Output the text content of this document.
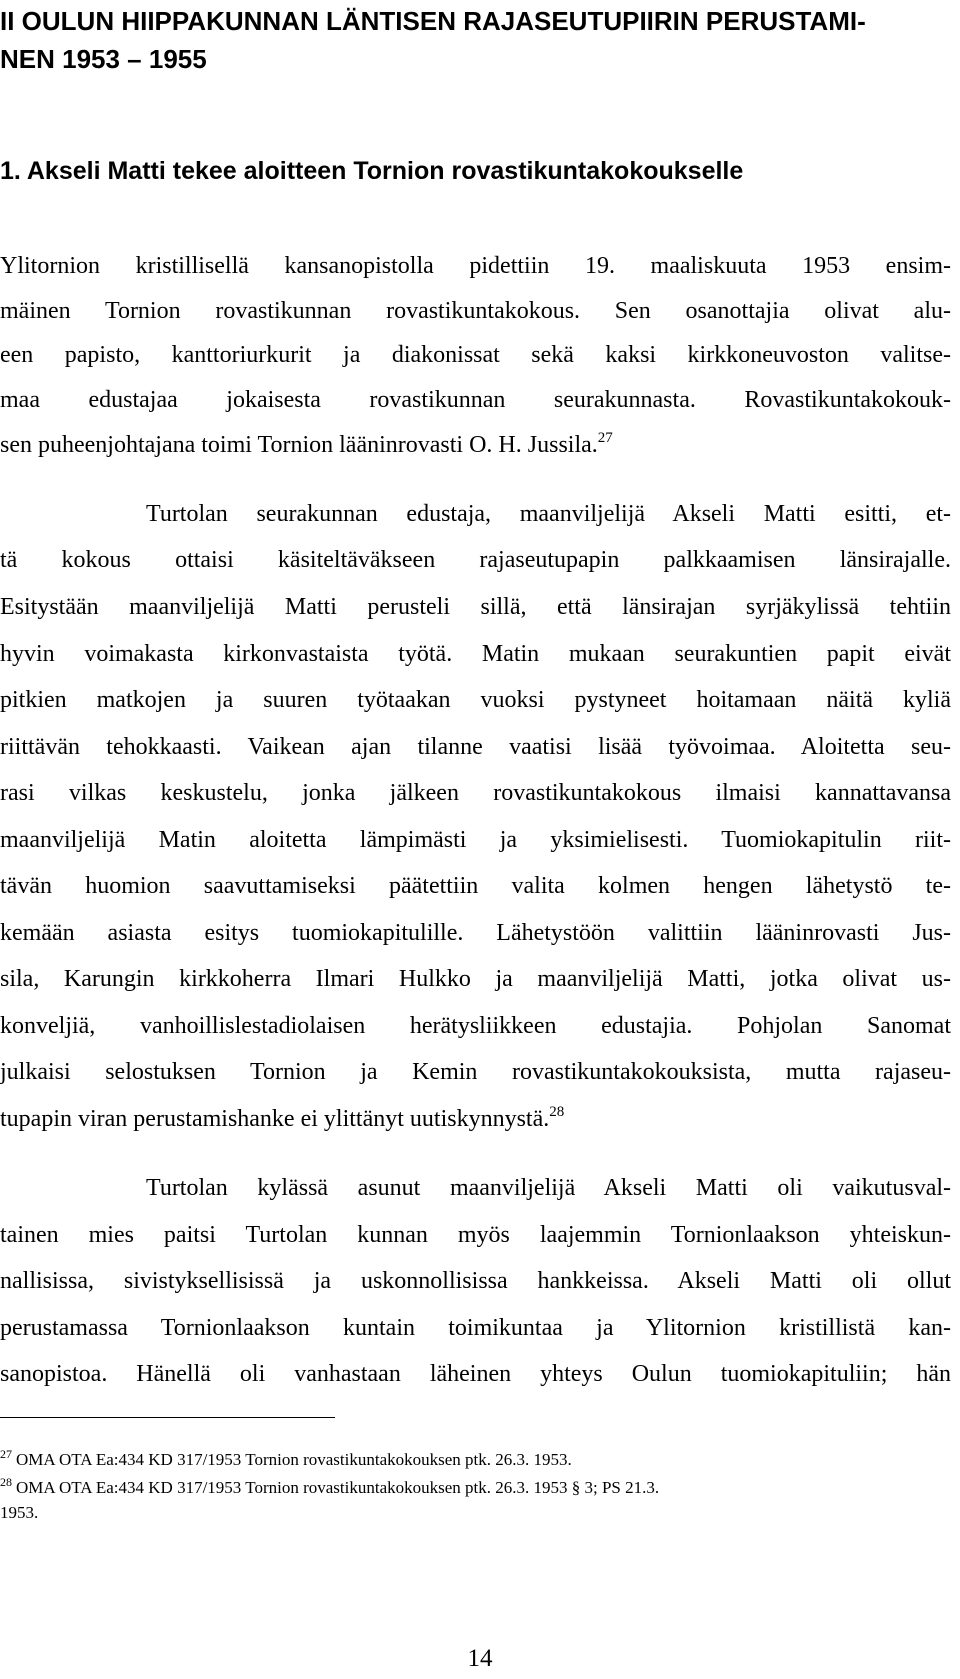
II OULUN HIIPPAKUNNAN LÄNTISEN RAJASEUTUPIIRIN PERUSTAMI-
NEN 1953 – 1955
1. Akseli Matti tekee aloitteen Tornion rovastikuntakokoukselle
Ylitornion kristillisellä kansanopistolla pidettiin 19. maaliskuuta 1953 ensim-
mäinen Tornion rovastikunnan rovastikuntakokous. Sen osanottajia olivat alu-
een papisto, kanttoriurkurit ja diakonissat sekä kaksi kirkkoneuvoston valitse-
maa edustajaa jokaisesta rovastikunnan seurakunnasta. Rovastikuntakokouk-
sen puheenjohtajana toimi Tornion lääninrovasti O. H. Jussila.$^{27}$
Turtolan seurakunnan edustaja, maanviljelijä Akseli Matti esitti, et-
tä kokous ottaisi käsiteltäväkseen rajaseutupapin palkkaamisen länsirajalle.
Esitystään maanviljelijä Matti perusteli sillä, että länsirajan syrjäkylissä tehtiin
hyvin voimakasta kirkonvastaista työtä. Matin mukaan seurakuntien papit eivät
pitkien matkojen ja suuren työtaakan vuoksi pystyneet hoitamaan näitä kyliä
riittävän tehokkaasti. Vaikean ajan tilanne vaatisi lisää työvoimaa. Aloitetta seu-
rasi vilkas keskustelu, jonka jälkeen rovastikuntakokous ilmaisi kannattavansa
maanviljelijä Matin aloitetta lämpimästi ja yksimielisesti. Tuomiokapitulin riit-
tävän huomion saavuttamiseksi päätettiin valita kolmen hengen lähetystö te-
kemään asiasta esitys tuomiokapitulille. Lähetystöön valittiin lääninrovasti Jus-
sila, Karungin kirkkoherra Ilmari Hulkko ja maanviljelijä Matti, jotka olivat us-
konveljiä, vanhoillislestadiolaisen herätysliikkeen edustajia. Pohjolan Sanomat
julkaisi selostuksen Tornion ja Kemin rovastikuntakokouksista, mutta rajaseu-
tupapin viran perustamishanke ei ylittänyt uutiskynnystä.$^{28}$
Turtolan kylässä asunut maanviljelijä Akseli Matti oli vaikutusval-
tainen mies paitsi Turtolan kunnan myös laajemmin Tornionlaakson yhteiskun-
nallisissa, sivistyksellisissä ja uskonnollisissa hankkeissa. Akseli Matti oli ollut
perustamassa Tornionlaakson kuntain toimikuntaa ja Ylitornion kristillistä kan-
sanopistoa. Hänellä oli vanhastaan läheinen yhteys Oulun tuomiokapituliin; hän
$^{27}$ OMA OTA Ea:434 KD 317/1953 Tornion rovastikuntakokouksen ptk. 26.3. 1953.
$^{28}$ OMA OTA Ea:434 KD 317/1953 Tornion rovastikuntakokouksen ptk. 26.3. 1953 § 3; PS 21.3.
1953.
14
